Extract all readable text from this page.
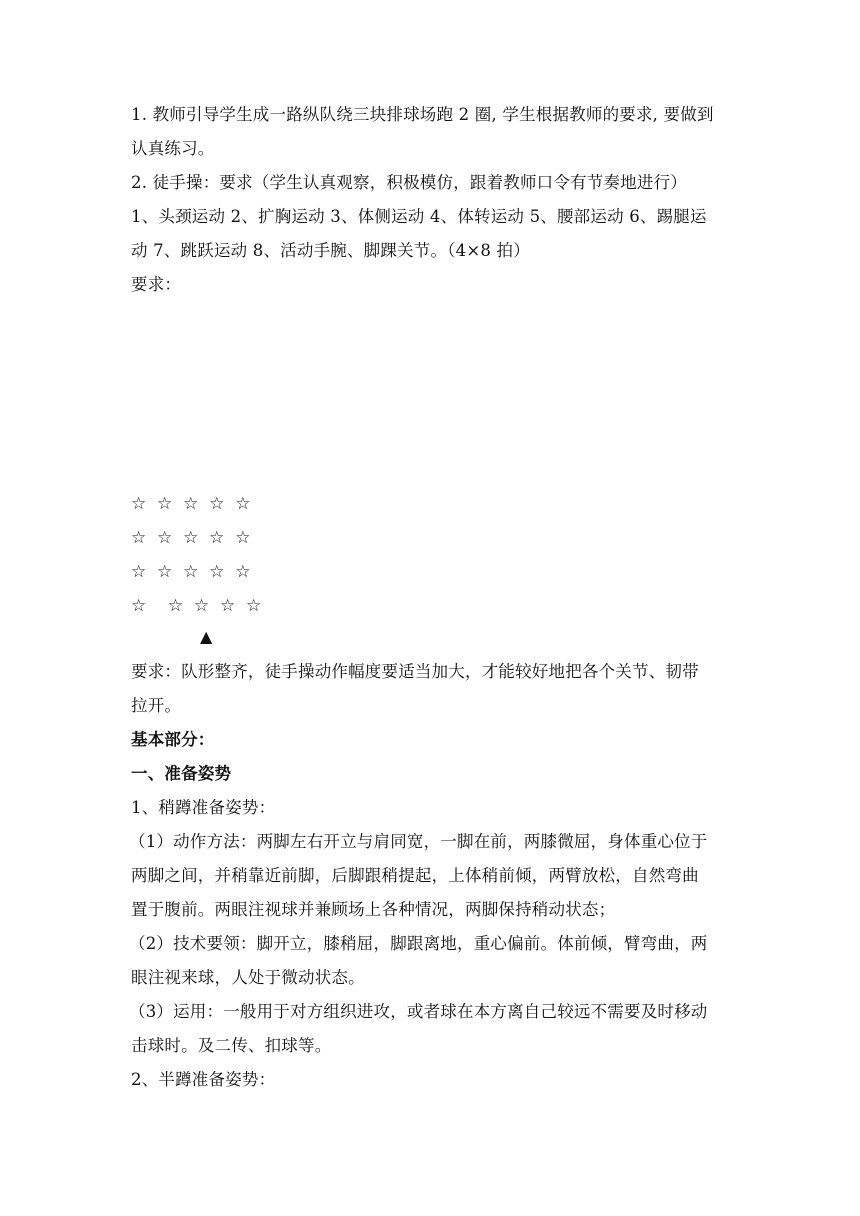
1. 教师引导学生成一路纵队绕三块排球场跑 2 圈, 学生根据教师的要求, 要做到
认真练习。
2. 徒手操：要求（学生认真观察，积极模仿，跟着教师口令有节奏地进行）
1、头颈运动 2、扩胸运动 3、体侧运动 4、体转运动 5、腰部运动 6、踢腿运
动 7、跳跃运动 8、活动手腕、脚踝关节。（4×8 拍）
要求：
☆  ☆  ☆  ☆  ☆
☆  ☆  ☆  ☆  ☆
☆  ☆  ☆  ☆  ☆
☆    ☆  ☆  ☆  ☆
▲
要求：队形整齐，徒手操动作幅度要适当加大，才能较好地把各个关节、韧带
拉开。
基本部分：
一、准备姿势
1、稍蹲准备姿势：
（1）动作方法：两脚左右开立与肩同宽，一脚在前，两膝微屈，身体重心位于
两脚之间，并稍靠近前脚，后脚跟稍提起，上体稍前倾，两臂放松，自然弯曲
置于腹前。两眼注视球并兼顾场上各种情况，两脚保持稍动状态；
（2）技术要领：脚开立，膝稍屈，脚跟离地，重心偏前。体前倾，臂弯曲，两
眼注视来球，人处于微动状态。
（3）运用：一般用于对方组织进攻，或者球在本方离自己较远不需要及时移动
击球时。及二传、扣球等。
2、半蹲准备姿势：
